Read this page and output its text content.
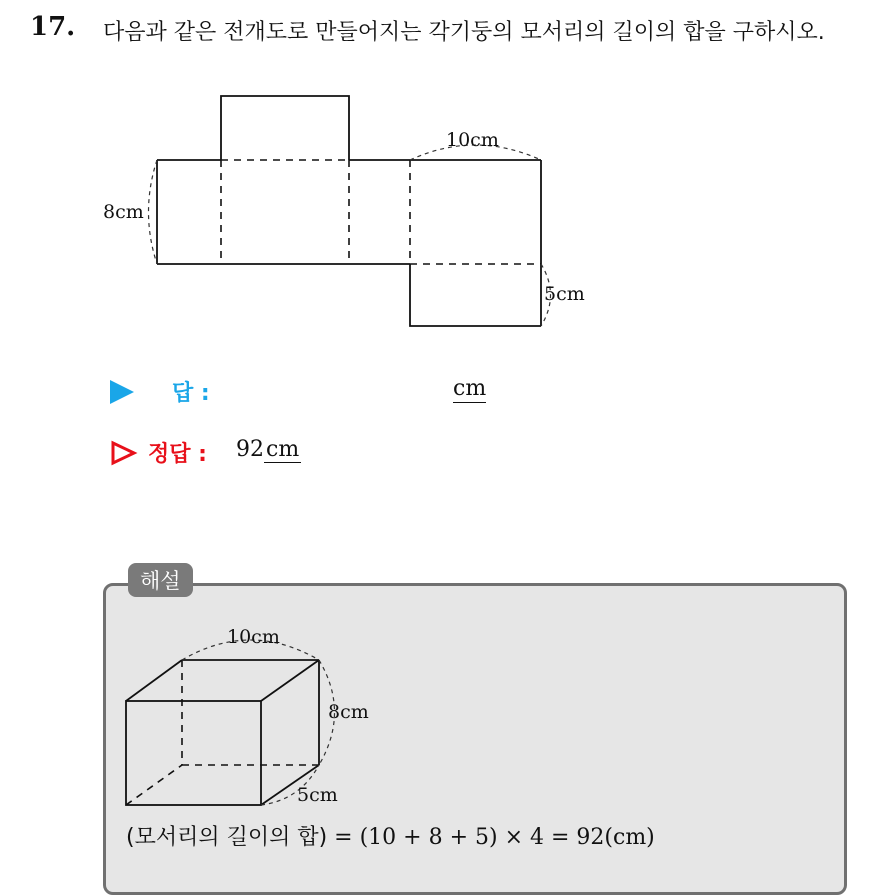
17. 다음과 같은 전개도로 만들어지는 각기둥의 모서리의 길이의 합을 구하시오.
8cm
10cm
5cm
답 :	cm
정답 : 92cm
해설
10cm
8cm
5cm
(모서리의 길이의 합) = (10 + 8 + 5) × 4 = 92(cm)
